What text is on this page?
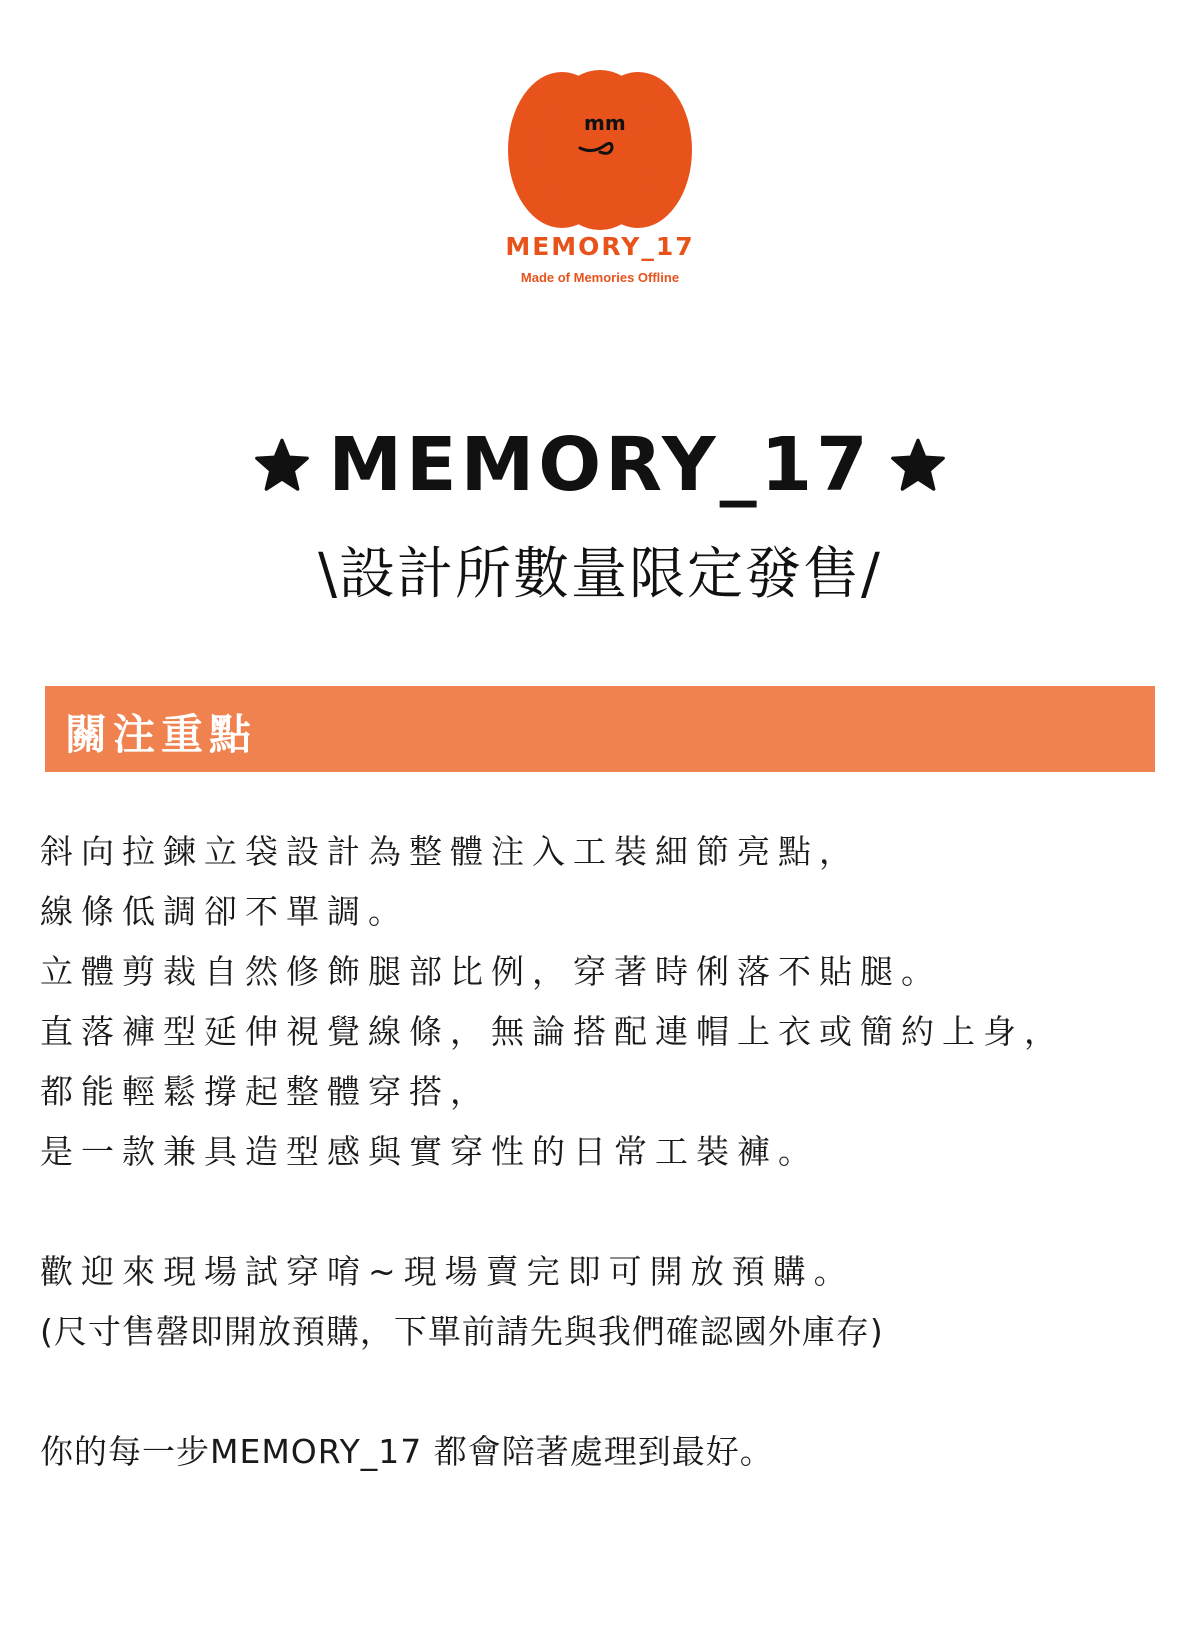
mm
MEMORY_17
Made of Memories Offline
MEMORY_17
\設計所數量限定發售/
關注重點
斜向拉鍊立袋設計為整體注入工裝細節亮點，
線條低調卻不單調。
立體剪裁自然修飾腿部比例，穿著時俐落不貼腿。
直落褲型延伸視覺線條，無論搭配連帽上衣或簡約上身，
都能輕鬆撐起整體穿搭，
是一款兼具造型感與實穿性的日常工裝褲。
歡迎來現場試穿唷~現場賣完即可開放預購。
(尺寸售罄即開放預購，下單前請先與我們確認國外庫存)
你的每一步MEMORY_17 都會陪著處理到最好。
